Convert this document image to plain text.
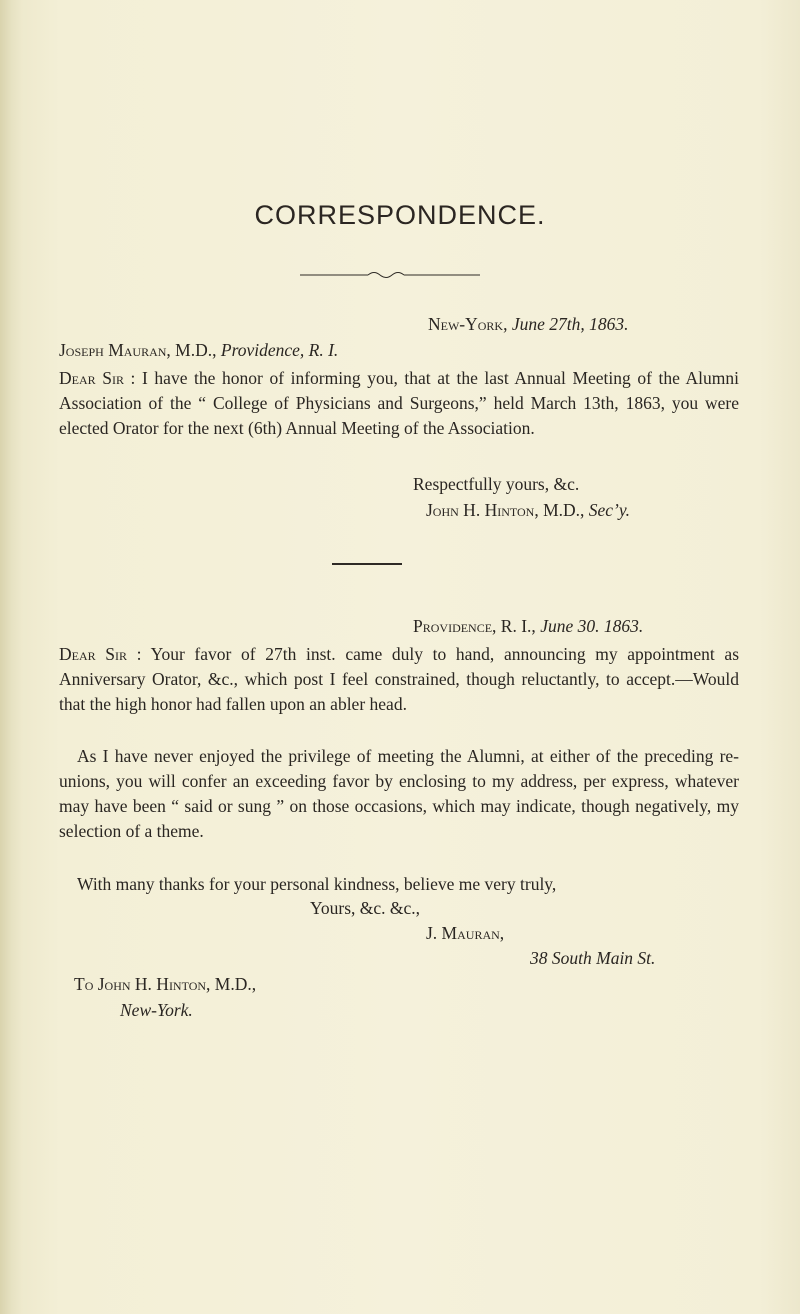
CORRESPONDENCE.
New-York, June 27th, 1863.
Joseph Mauran, M.D., Providence, R. I.

Dear Sir : I have the honor of informing you, that at the last Annual Meeting of the Alumni Association of the “ College of Physicians and Surgeons,” held March 13th, 1863, you were elected Orator for the next (6th) Annual Meeting of the Association.

Respectfully yours, &c.
John H. Hinton, M.D., Sec’y.
Providence, R. I., June 30. 1863.

Dear Sir : Your favor of 27th inst. came duly to hand, announcing my appointment as Anniversary Orator, &c., which post I feel constrained, though reluctantly, to accept.—Would that the high honor had fallen upon an abler head.

As I have never enjoyed the privilege of meeting the Alumni, at either of the preceding re-unions, you will confer an exceeding favor by enclosing to my address, per express, whatever may have been “ said or sung ” on those occasions, which may indicate, though negatively, my selection of a theme.

With many thanks for your personal kindness, believe me very truly,

Yours, &c. &c.,
J. Mauran,
38 South Main St.
To John H. Hinton, M.D.,
New-York.
